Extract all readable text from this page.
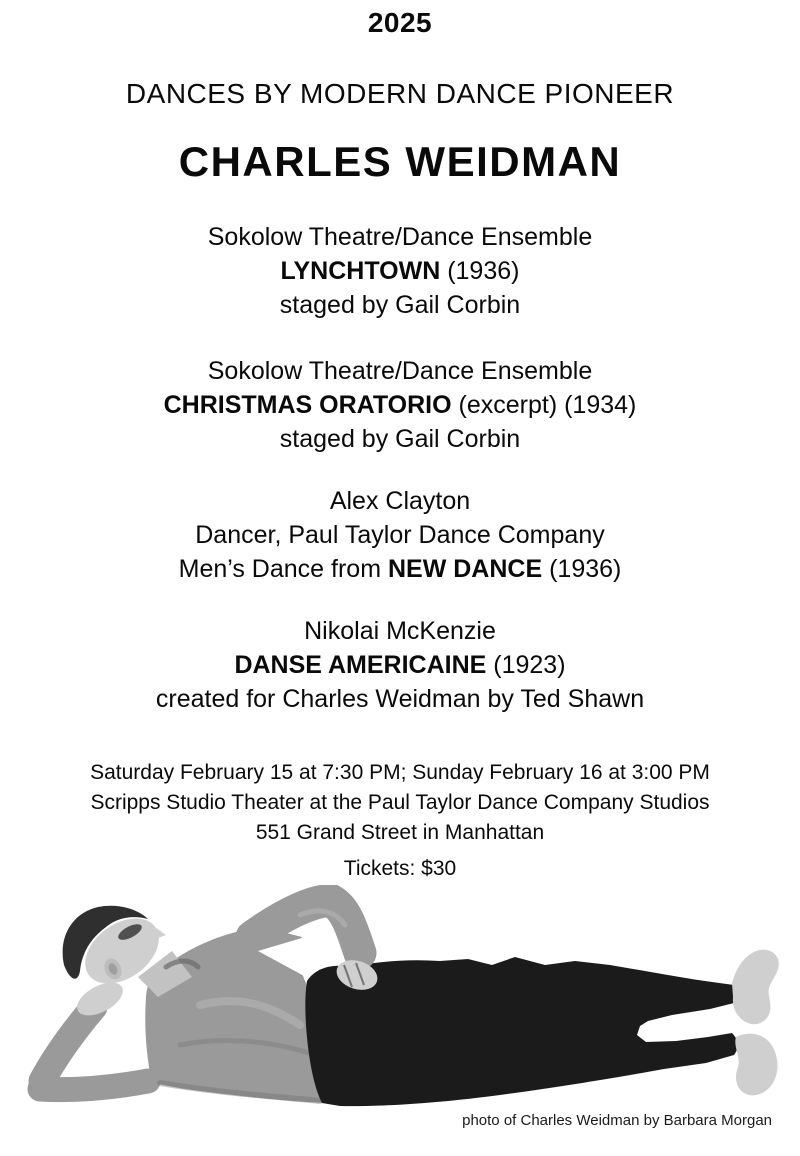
2025
DANCES BY MODERN DANCE PIONEER
CHARLES WEIDMAN
Sokolow Theatre/Dance Ensemble
LYNCHTOWN (1936)
staged by Gail Corbin
Sokolow Theatre/Dance Ensemble
CHRISTMAS ORATORIO (excerpt) (1934)
staged by Gail Corbin
Alex Clayton
Dancer, Paul Taylor Dance Company
Men’s Dance from NEW DANCE (1936)
Nikolai McKenzie
DANSE AMERICAINE (1923)
created for Charles Weidman by Ted Shawn
Saturday February 15 at 7:30 PM; Sunday February 16 at 3:00 PM
Scripps Studio Theater at the Paul Taylor Dance Company Studios
551 Grand Street in Manhattan
Tickets: $30
photo of Charles Weidman by Barbara Morgan
